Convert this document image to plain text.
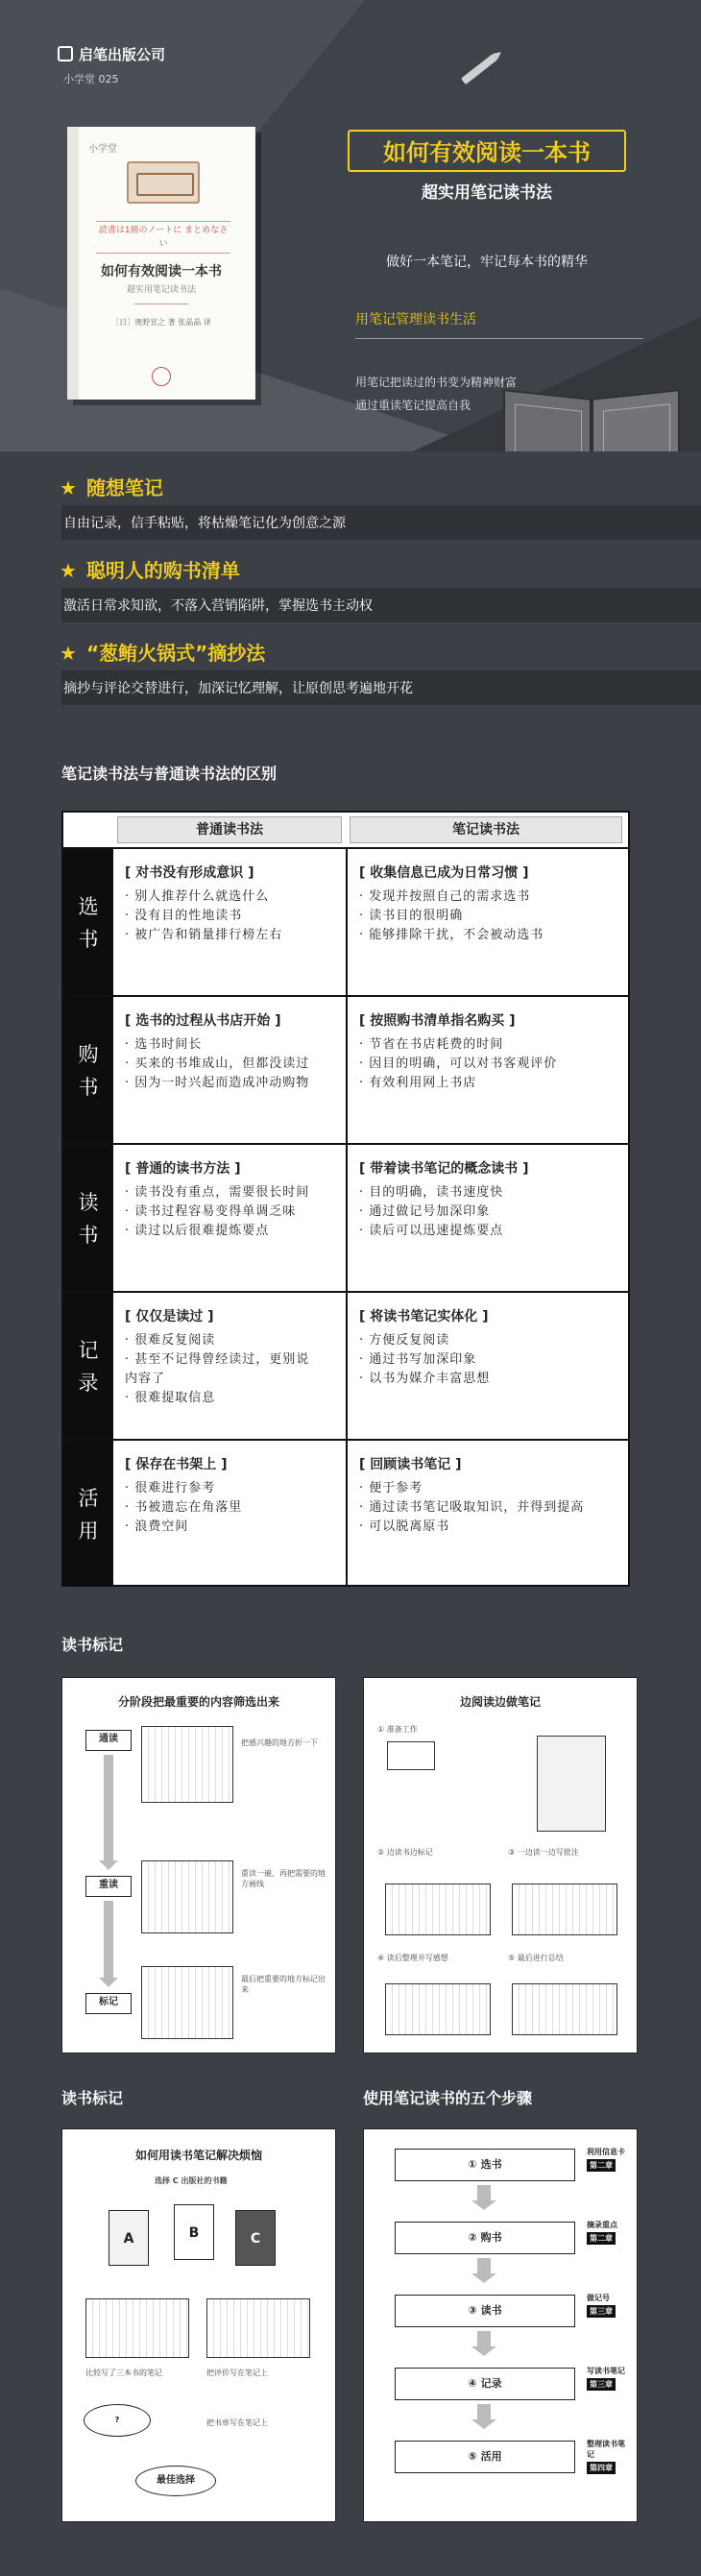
启笔出版公司
小学堂 025
小学堂
読書は1冊のノートに まとめなさい
如何有效阅读一本书
超实用笔记读书法
［日］奥野宣之 著 张晶晶 译
如何有效阅读一本书
超实用笔记读书法
做好一本笔记，牢记每本书的精华
用笔记管理读书生活
用笔记把读过的书变为精神财富
通过重读笔记提高自我
★ 随想笔记
自由记录，信手粘贴，将枯燥笔记化为创意之源
★ 聪明人的购书清单
激活日常求知欲，不落入营销陷阱，掌握选书主动权
★ “葱鲔火锅式”摘抄法
摘抄与评论交替进行，加深记忆理解，让原创思考遍地开花
笔记读书法与普通读书法的区别
普通读书法	笔记读书法
选
书
[ 对书没有形成意识 ]
· 别人推荐什么就选什么
· 没有目的性地读书
· 被广告和销量排行榜左右
[ 收集信息已成为日常习惯 ]
· 发现并按照自己的需求选书
· 读书目的很明确
· 能够排除干扰，不会被动选书
购
书
[ 选书的过程从书店开始 ]
· 选书时间长
· 买来的书堆成山，但都没读过
· 因为一时兴起而造成冲动购物
[ 按照购书清单指名购买 ]
· 节省在书店耗费的时间
· 因目的明确，可以对书客观评价
· 有效利用网上书店
读
书
[ 普通的读书方法 ]
· 读书没有重点，需要很长时间
· 读书过程容易变得单调乏味
· 读过以后很难提炼要点
[ 带着读书笔记的概念读书 ]
· 目的明确，读书速度快
· 通过做记号加深印象
· 读后可以迅速提炼要点
记
录
[ 仅仅是读过 ]
· 很难反复阅读
· 甚至不记得曾经读过，更别说
内容了
· 很难提取信息
[ 将读书笔记实体化 ]
· 方便反复阅读
· 通过书写加深印象
· 以书为媒介丰富思想
活
用
[ 保存在书架上 ]
· 很难进行参考
· 书被遗忘在角落里
· 浪费空间
[ 回顾读书笔记 ]
· 便于参考
· 通过读书笔记吸取知识，并得到提高
· 可以脱离原书
读书标记
分阶段把最重要的内容筛选出来
通读
重读
标记
把感兴趣的地方折一下
重读一遍，再把需要的地方画线
最后把重要的地方标记出来
边阅读边做笔记
① 准备工作
② 边读书边标记	③ 一边读一边写批注
④ 读后整理并写感想	⑤ 最后进行总结
读书标记	使用笔记读书的五个步骤
如何用读书笔记解决烦恼
选择 C 出版社的书籍
A	B	C
比较写了三本书的笔记	把评价写在笔记上
?	把书单写在笔记上
最佳选择
① 选书
② 购书
③ 读书
④ 记录
⑤ 活用
利用信息卡
第二章
摘录重点
第二章
做记号
第三章
写读书笔记
第三章
整理读书笔记
第四章
